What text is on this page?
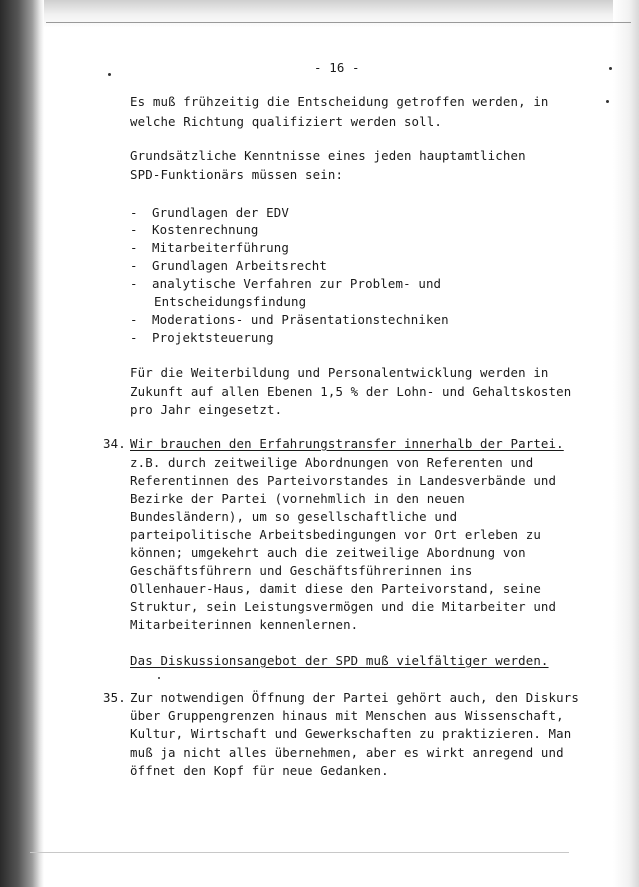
- 16 -
Es muß frühzeitig die Entscheidung getroffen werden, in
welche Richtung qualifiziert werden soll.
Grundsätzliche Kenntnisse eines jeden hauptamtlichen
SPD-Funktionärs müssen sein:
- Grundlagen der EDV
- Kostenrechnung
- Mitarbeiterführung
- Grundlagen Arbeitsrecht
- analytische Verfahren zur Problem- und
Entscheidungsfindung
- Moderations- und Präsentationstechniken
- Projektsteuerung
Für die Weiterbildung und Personalentwicklung werden in
Zukunft auf allen Ebenen 1,5 % der Lohn- und Gehaltskosten
pro Jahr eingesetzt.
34. Wir brauchen den Erfahrungstransfer innerhalb der Partei.
z.B. durch zeitweilige Abordnungen von Referenten und
Referentinnen des Parteivorstandes in Landesverbände und
Bezirke der Partei (vornehmlich in den neuen
Bundesländern), um so gesellschaftliche und
parteipolitische Arbeitsbedingungen vor Ort erleben zu
können; umgekehrt auch die zeitweilige Abordnung von
Geschäftsführern und Geschäftsführerinnen ins
Ollenhauer-Haus, damit diese den Parteivorstand, seine
Struktur, sein Leistungsvermögen und die Mitarbeiter und
Mitarbeiterinnen kennenlernen.
Das Diskussionsangebot der SPD muß vielfältiger werden.
35. Zur notwendigen Öffnung der Partei gehört auch, den Diskurs
über Gruppengrenzen hinaus mit Menschen aus Wissenschaft,
Kultur, Wirtschaft und Gewerkschaften zu praktizieren. Man
muß ja nicht alles übernehmen, aber es wirkt anregend und
öffnet den Kopf für neue Gedanken.
